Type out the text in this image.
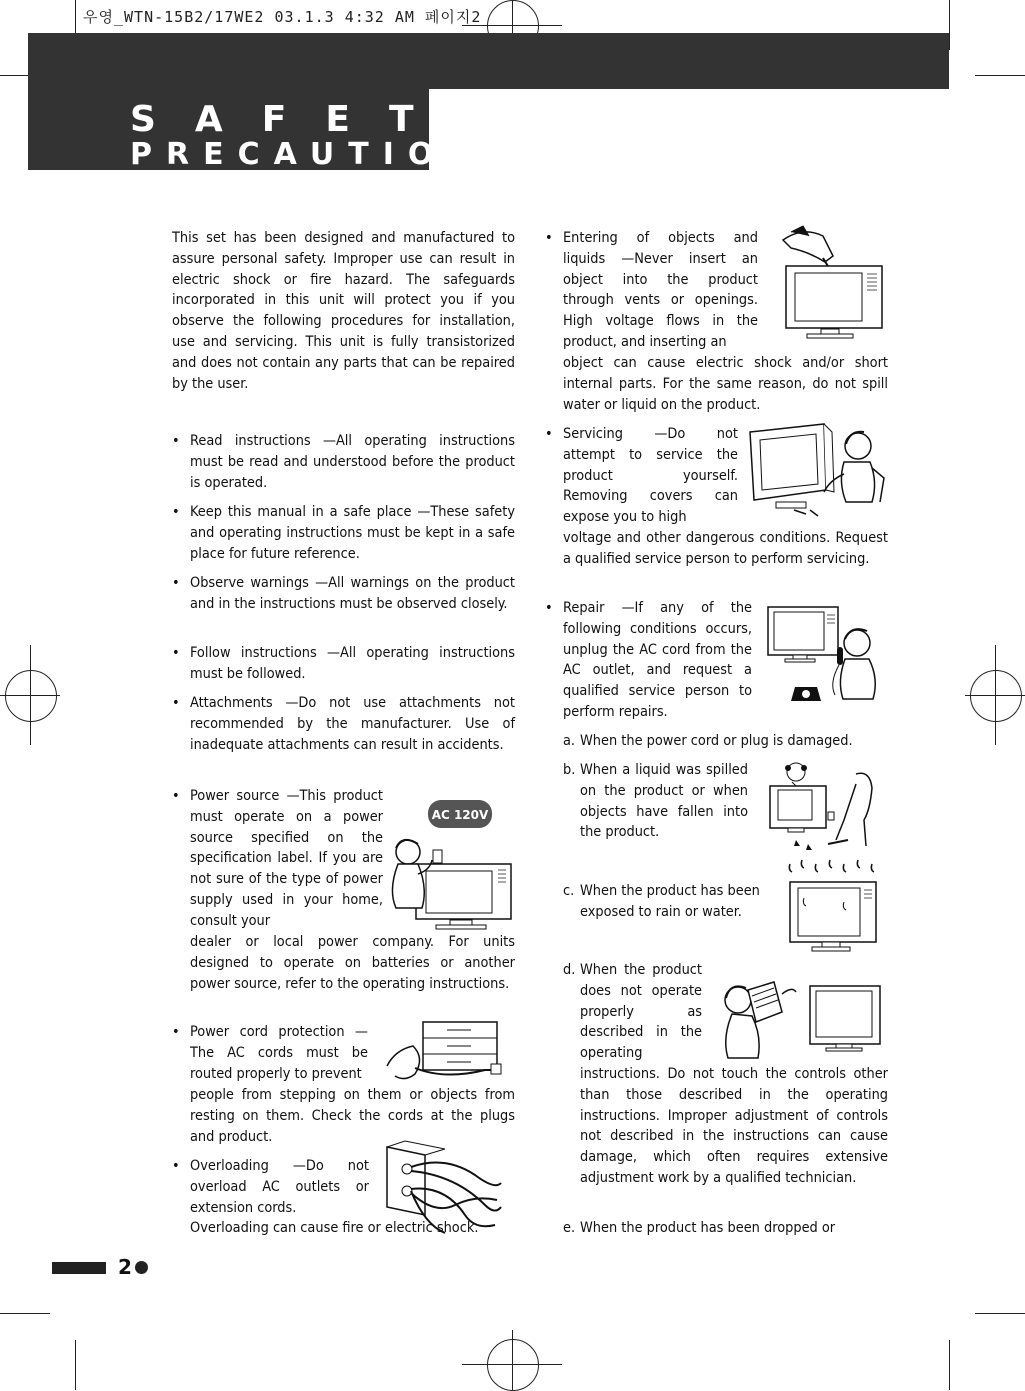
우영_WTN-15B2/17WE2 03.1.3 4:32 AM 페이지2
SAFETY
PRECAUTIONS
This set has been designed and manufactured to assure personal safety. Improper use can result in electric shock or fire hazard. The safeguards incorporated in this unit will protect you if you observe the following procedures for installation, use and servicing. This unit is fully transistorized and does not contain any parts that can be repaired by the user.
• Read instructions —All operating instructions must be read and understood before the product is operated.
• Keep this manual in a safe place —These safety and operating instructions must be kept in a safe place for future reference.
• Observe warnings —All warnings on the product and in the instructions must be observed closely.
• Follow instructions —All operating instructions must be followed.
• Attachments —Do not use attachments not recommended by the manufacturer. Use of inadequate attachments can result in accidents.
• Power source —This product must operate on a power source specified on the specification label. If you are not sure of the type of power supply used in your home, consult your
dealer or local power company. For units designed to operate on batteries or another power source, refer to the operating instructions.
• Power cord protection — The AC cords must be routed properly to prevent
people from stepping on them or objects from resting on them. Check the cords at the plugs and product.
• Overloading —Do not overload AC outlets or extension cords.
Overloading can cause fire or electric shock.
• Entering of objects and liquids —Never insert an object into the product through vents or openings. High voltage flows in the product, and inserting an
object can cause electric shock and/or short internal parts. For the same reason, do not spill water or liquid on the product.
• Servicing —Do not attempt to service the product yourself. Removing covers can expose you to high
voltage and other dangerous conditions. Request a qualified service person to perform servicing.
• Repair —If any of the following conditions occurs, unplug the AC cord from the AC outlet, and request a qualified service person to perform repairs.
a. When the power cord or plug is damaged.
b. When a liquid was spilled on the product or when objects have fallen into the product.
c. When the product has been exposed to rain or water.
d. When the product does not operate properly as described in the operating
instructions. Do not touch the controls other than those described in the operating instructions. Improper adjustment of controls not described in the instructions can cause damage, which often requires extensive adjustment work by a qualified technician.
e. When the product has been dropped or
AC 120V
2
